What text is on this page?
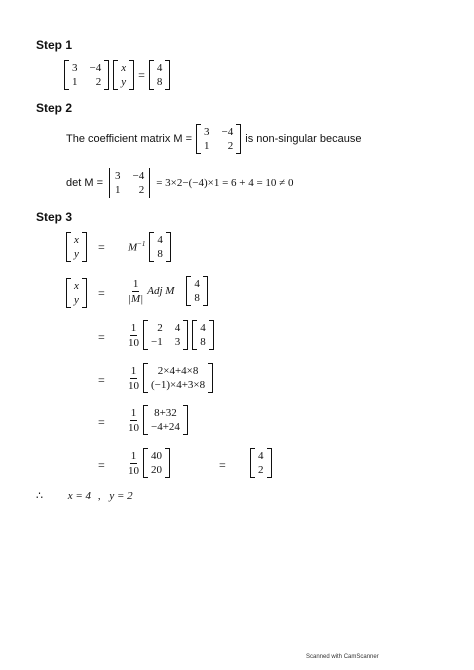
Step 1
3 −4
1 2
x
y
= 4
8
Step 2
The coefficient matrix M =
3 −4
1 2
is non-singular because
det M =
3 −4
1 2
= 3×2−(−4)×1 = 6 + 4 = 10 ≠ 0
Step 3
x
$y = M^{-1}$ 4
8
x
$y = \frac{1}{|M|}$ Adj M
4
8
= $\frac{1}{10} 2$ 4
−1 3
4
8
= $\frac{1}{10} 2\times 4+4\times 8$
(−1)×4+3×8
= $\frac{1}{10} 8+32$
−4+24
= $\frac{1}{10} 40$
20	=
4
2
∴ x = 4 , y = 2
Scanned with CamScanner
